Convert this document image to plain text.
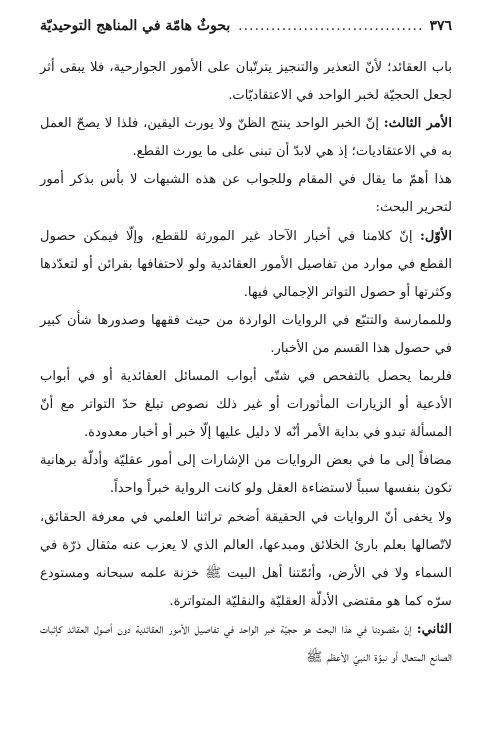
٣٧٦
.....
بحوثٌ هامّة في المناهج التوحيديّة

باب العقائد؛ لأنّ التعذير والتنجيز يترتّبان على الأمور الجوارحية، فلا يبقى أثر لجعل الحجيّة لخبر الواحد في الاعتقاديّات.

الأمر الثالث: إنّ الخبر الواحد ينتج الظنّ ولا يورث اليقين، فلذا لا يصحّ العمل به في الاعتقاديات؛ إذ هي لابدّ أن تبنى على ما يورث القطع.

هذا أهمّ ما يقال في المقام وللجواب عن هذه الشبهات لا بأس بذكر أمور لتحرير البحث:

الأوّل: إنّ كلامنا في أخبار الآحاد غير المورثة للقطع، وإلّا فيمكن حصول القطع في موارد من تفاصيل الأمور العقائدية ولو لاحتفافها بقرائن أو لتعدّدها وكثرتها أو حصول التواتر الإجمالي فيها.

وللممارسة والتتبّع في الروايات الواردة من حيث فقهها وصدورها شأن كبير في حصول هذا القسم من الأخبار.

فلربما يحصل بالتفحص في شتّى أبواب المسائل العقائدية أو في أبواب الأدعية أو الزيارات المأثورات أو غير ذلك نصوص تبلغ حدّ التواتر مع أنّ المسألة تبدو في بداية الأمر أنّه لا دليل عليها إلّا خبر أو أخبار معدودة.

مضافاً إلى ما في بعض الروايات من الإشارات إلى أمور عقليّة وأدلّة برهانية تكون بنفسها سبباً لاستضاءة العقل ولو كانت الرواية خبراً واحداً.

ولا يخفى أنّ الروايات في الحقيقة أضخم تراثنا العلمي في معرفة الحقائق، لاتّصالها بعلم بارئ الخلائق ومبدعها، العالم الذي لا يعزب عنه مثقال ذرّة في السماء ولا في الأرض، وأئمّتنا أهل البيت ﷺ خزنة علمه سبحانه ومستودع سرّه كما هو مقتضى الأدلّة العقليّة والنقليّة المتواترة.

الثاني: إنّ مقصودنا في هذا البحث هو حجيّة خبر الواحد في تفاصيل الأمور العقائدية دون أصول العقائد كإثبات الصانع المتعال أو نبوّة النبيّ الأعظم ﷺ
